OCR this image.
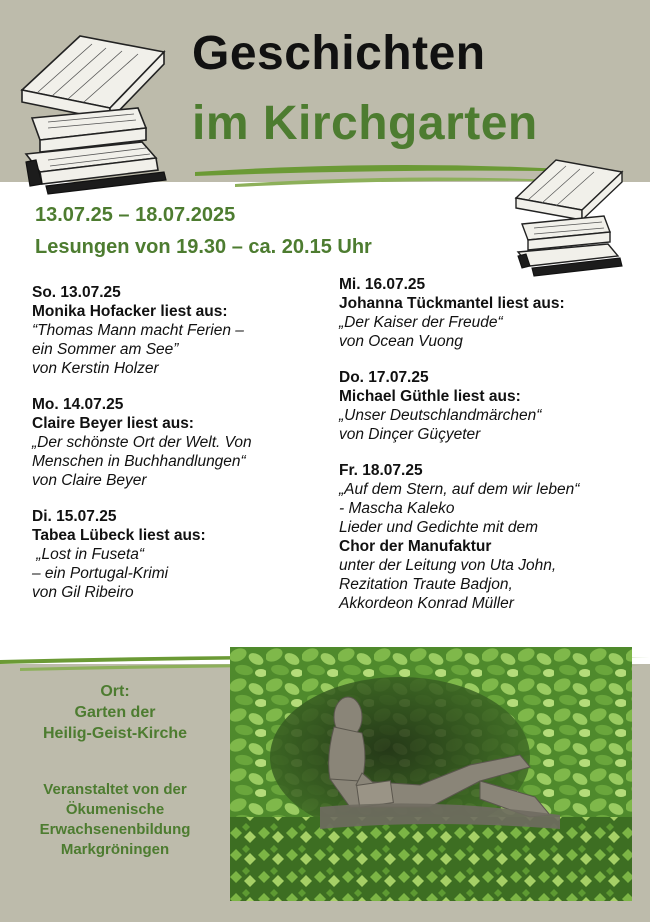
Geschichten
im Kirchgarten
13.07.25 – 18.07.2025
Lesungen von 19.30 – ca. 20.15 Uhr
So. 13.07.25
Monika Hofacker liest aus:
“Thomas Mann macht Ferien –
ein Sommer am See”
von Kerstin Holzer
Mo. 14.07.25
Claire Beyer liest aus:
„Der schönste Ort der Welt. Von
Menschen in Buchhandlungen“
von Claire Beyer
Di. 15.07.25
Tabea Lübeck liest aus:
„Lost in Fuseta“
– ein Portugal-Krimi
von Gil Ribeiro
Mi. 16.07.25
Johanna Tückmantel liest aus:
„Der Kaiser der Freude“
von Ocean Vuong
Do. 17.07.25
Michael Güthle liest aus:
„Unser Deutschlandmärchen“
von Dinçer Güçyeter
Fr. 18.07.25
„Auf dem Stern, auf dem wir leben“
- Mascha Kaleko
Lieder und Gedichte mit dem
Chor der Manufaktur
unter der Leitung von Uta John,
Rezitation Traute Badjon,
Akkordeon Konrad Müller
Ort:
Garten der
Heilig-Geist-Kirche
Veranstaltet von der
Ökumenische
Erwachsenenbildung
Markgröningen
